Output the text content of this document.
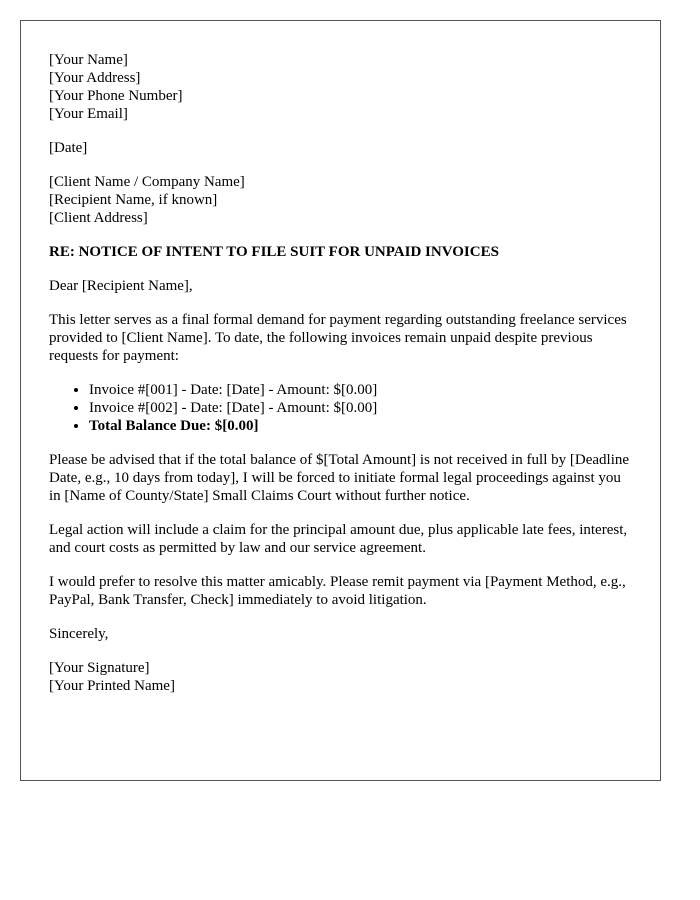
[Your Name]
[Your Address]
[Your Phone Number]
[Your Email]

[Date]

[Client Name / Company Name]
[Recipient Name, if known]
[Client Address]

RE: NOTICE OF INTENT TO FILE SUIT FOR UNPAID INVOICES

Dear [Recipient Name],

This letter serves as a final formal demand for payment regarding outstanding freelance services provided to [Client Name]. To date, the following invoices remain unpaid despite previous requests for payment:

• Invoice #[001] - Date: [Date] - Amount: $[0.00]
• Invoice #[002] - Date: [Date] - Amount: $[0.00]
• Total Balance Due: $[0.00]

Please be advised that if the total balance of $[Total Amount] is not received in full by [Deadline Date, e.g., 10 days from today], I will be forced to initiate formal legal proceedings against you in [Name of County/State] Small Claims Court without further notice.

Legal action will include a claim for the principal amount due, plus applicable late fees, interest, and court costs as permitted by law and our service agreement.

I would prefer to resolve this matter amicably. Please remit payment via [Payment Method, e.g., PayPal, Bank Transfer, Check] immediately to avoid litigation.

Sincerely,

[Your Signature]
[Your Printed Name]
